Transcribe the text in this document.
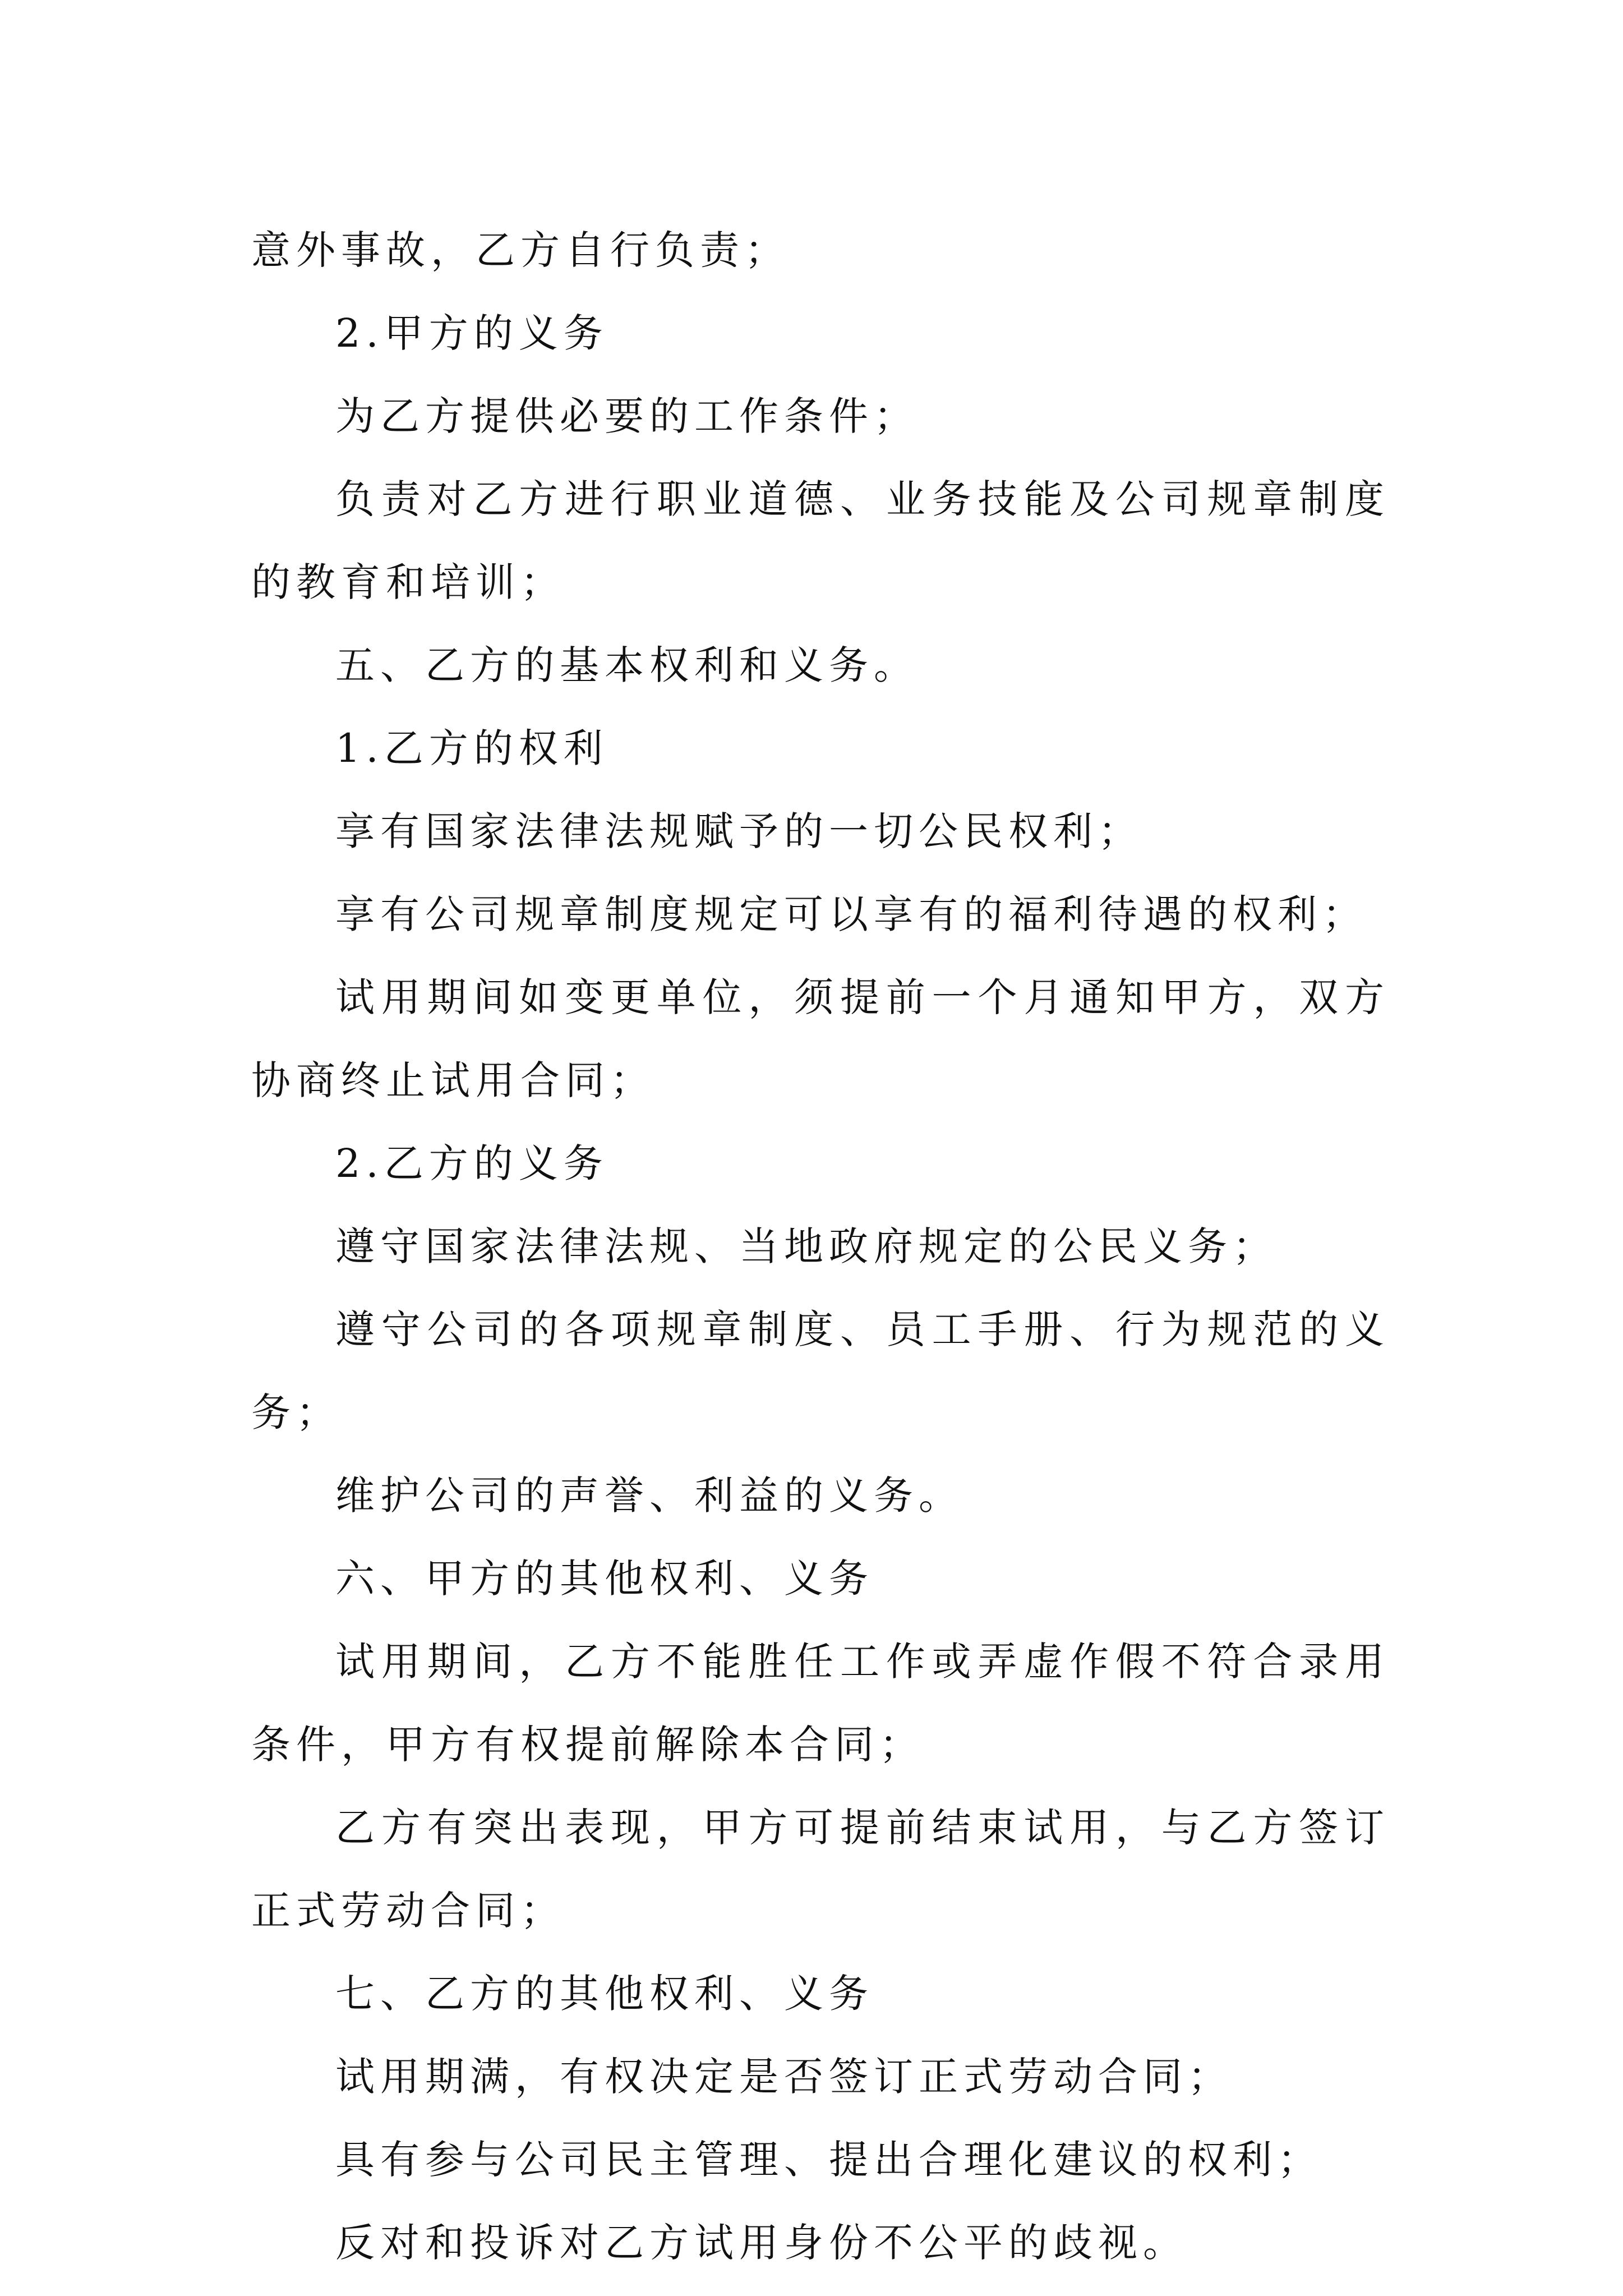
意外事故，乙方自行负责；

2.甲方的义务

为乙方提供必要的工作条件；

负责对乙方进行职业道德、业务技能及公司规章制度的教育和培训；

五、乙方的基本权利和义务。

1.乙方的权利

享有国家法律法规赋予的一切公民权利；

享有公司规章制度规定可以享有的福利待遇的权利；

试用期间如变更单位，须提前一个月通知甲方，双方协商终止试用合同；

2.乙方的义务

遵守国家法律法规、当地政府规定的公民义务；

遵守公司的各项规章制度、员工手册、行为规范的义务；

维护公司的声誉、利益的义务。

六、甲方的其他权利、义务

试用期间，乙方不能胜任工作或弄虚作假不符合录用条件，甲方有权提前解除本合同；

乙方有突出表现，甲方可提前结束试用，与乙方签订正式劳动合同；

七、乙方的其他权利、义务

试用期满，有权决定是否签订正式劳动合同；

具有参与公司民主管理、提出合理化建议的权利；

反对和投诉对乙方试用身份不公平的歧视。
